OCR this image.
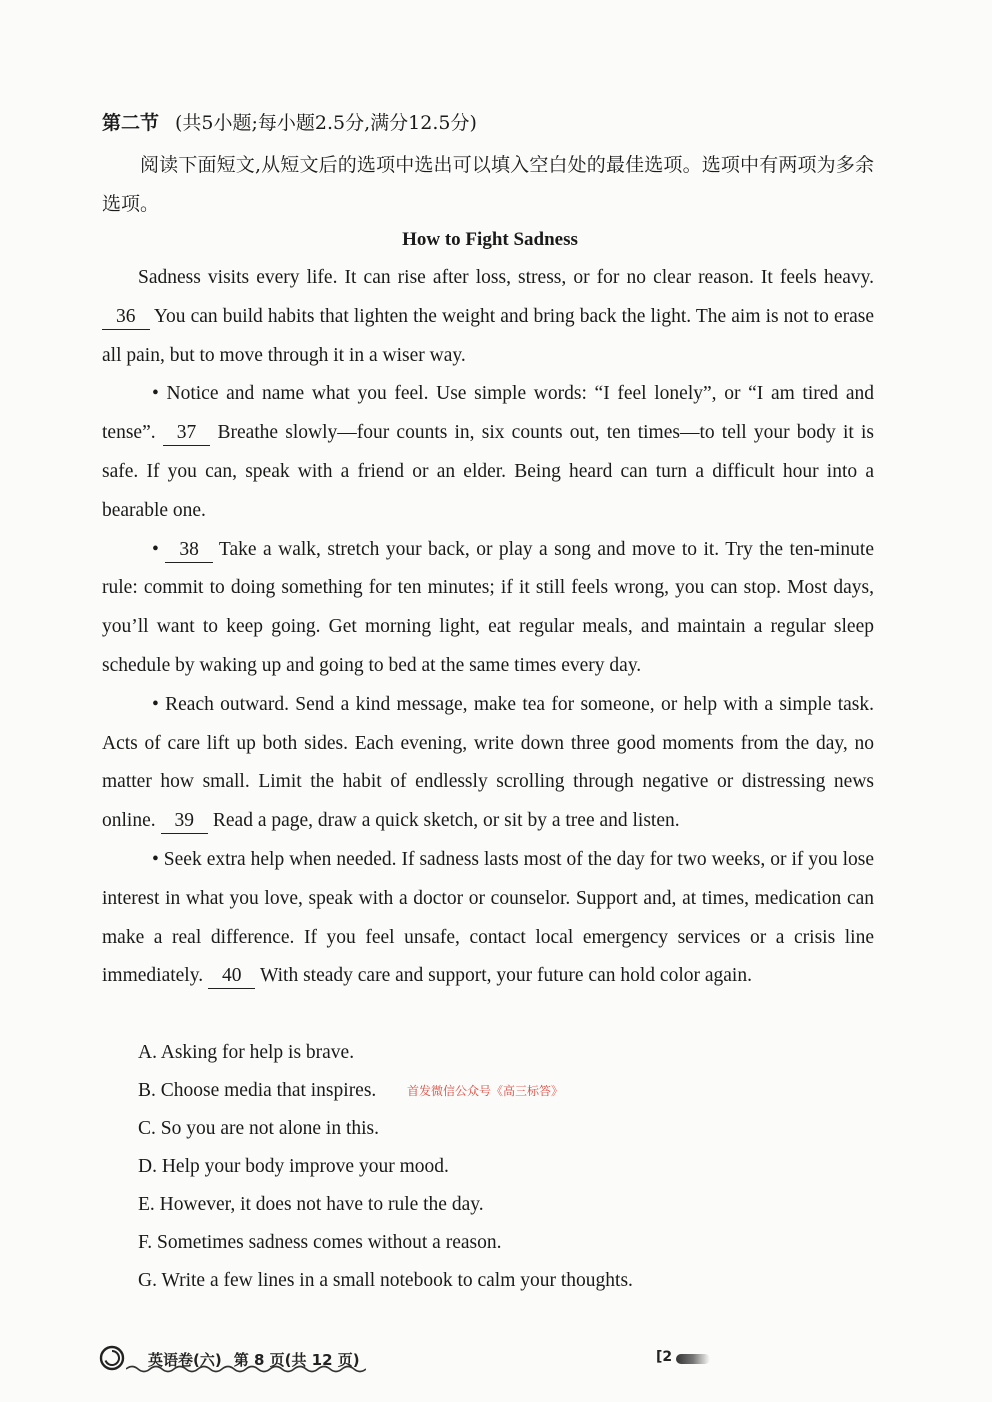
第二节 (共5小题;每小题2.5分,满分12.5分)
阅读下面短文,从短文后的选项中选出可以填入空白处的最佳选项。选项中有两项为多余选项。
How to Fight Sadness

Sadness visits every life. It can rise after loss, stress, or for no clear reason. It feels heavy. 36 You can build habits that lighten the weight and bring back the light. The aim is not to erase all pain, but to move through it in a wiser way.

• Notice and name what you feel. Use simple words: “I feel lonely”, or “I am tired and tense”. 37 Breathe slowly—four counts in, six counts out, ten times—to tell your body it is safe. If you can, speak with a friend or an elder. Being heard can turn a difficult hour into a bearable one.

• 38 Take a walk, stretch your back, or play a song and move to it. Try the ten-minute rule: commit to doing something for ten minutes; if it still feels wrong, you can stop. Most days, you’ll want to keep going. Get morning light, eat regular meals, and maintain a regular sleep schedule by waking up and going to bed at the same times every day.

• Reach outward. Send a kind message, make tea for someone, or help with a simple task. Acts of care lift up both sides. Each evening, write down three good moments from the day, no matter how small. Limit the habit of endlessly scrolling through negative or distressing news online. 39 Read a page, draw a quick sketch, or sit by a tree and listen.

• Seek extra help when needed. If sadness lasts most of the day for two weeks, or if you lose interest in what you love, speak with a doctor or counselor. Support and, at times, medication can make a real difference. If you feel unsafe, contact local emergency services or a crisis line immediately. 40 With steady care and support, your future can hold color again.

A. Asking for help is brave.
B. Choose media that inspires.
C. So you are not alone in this.
D. Help your body improve your mood.
E. However, it does not have to rule the day.
F. Sometimes sadness comes without a reason.
G. Write a few lines in a small notebook to calm your thoughts.
首发微信公众号《高三标答》
英语卷(六) 第 8 页(共 12 页)	[2
